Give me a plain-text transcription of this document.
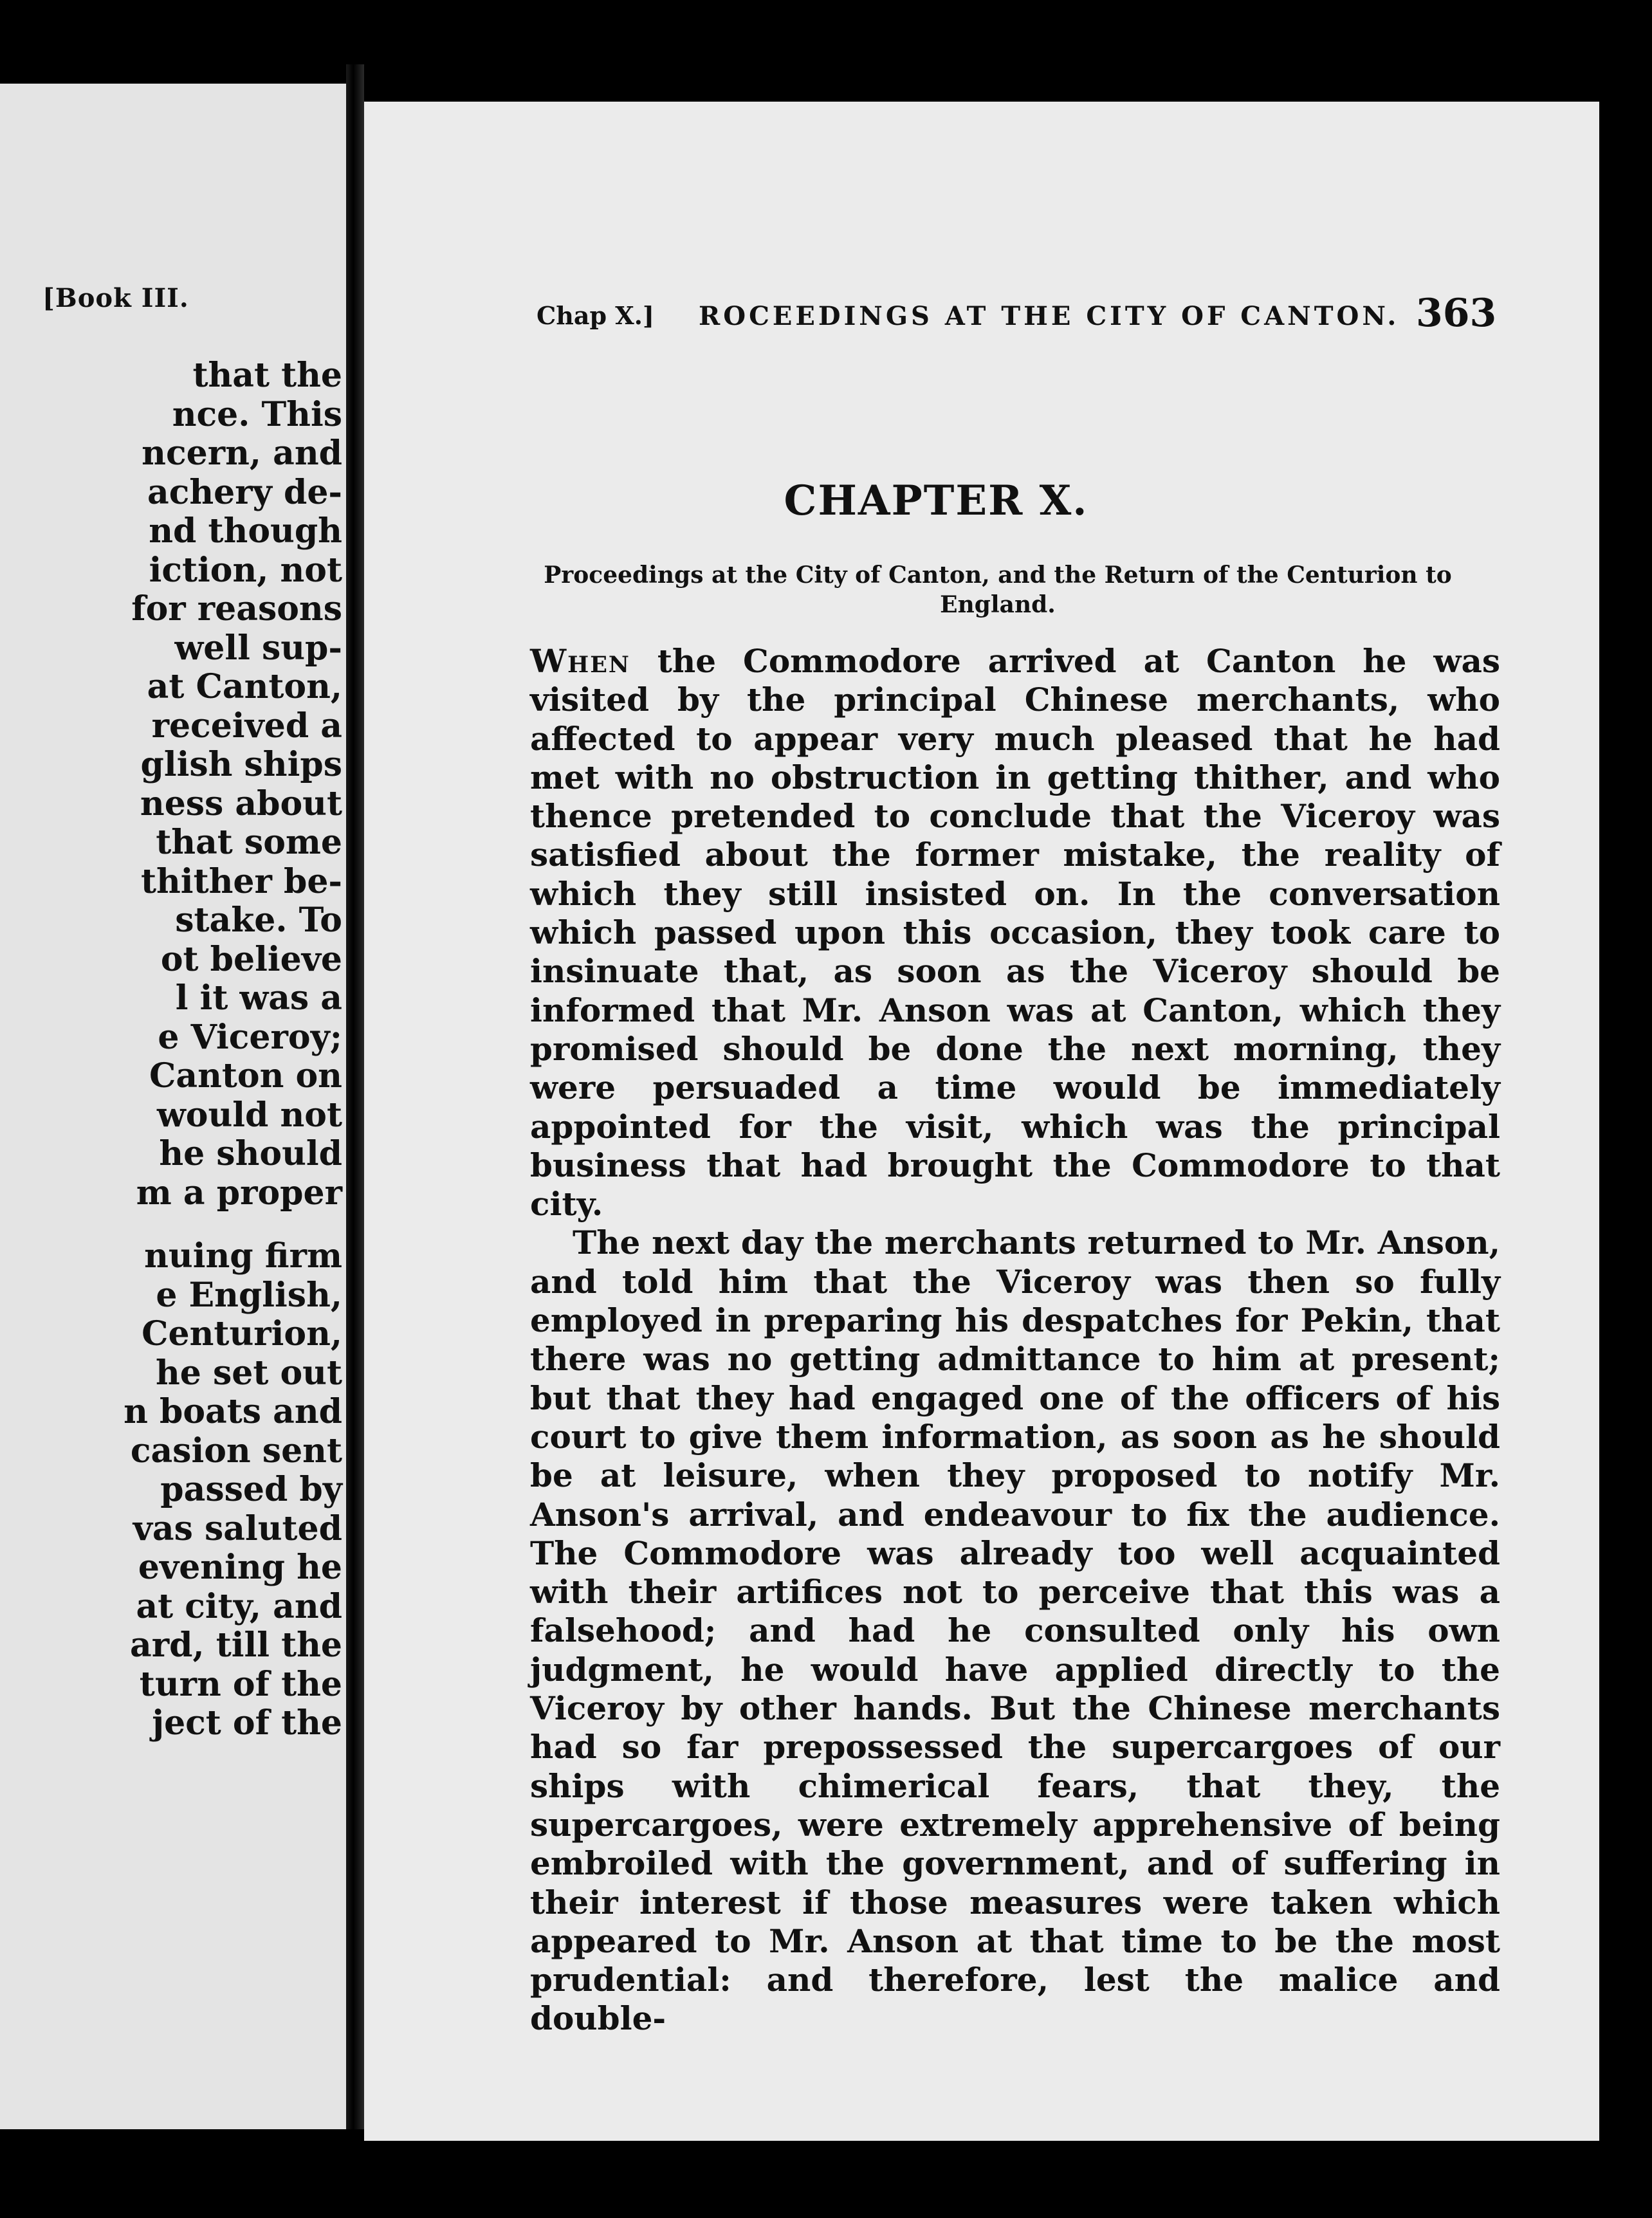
[Book III.
that the
nce. This
ncern, and
achery de-
nd though
iction, not
for reasons
well sup-
at Canton,
received a
glish ships
ness about
that some
thither be-
stake. To
ot believe
l it was a
e Viceroy;
Canton on
would not
he should
m a proper
nuing firm
e English,
Centurion,
he set out
n boats and
casion sent
passed by
vas saluted
evening he
at city, and
ard, till the
turn of the
ject of the
Chap X.] ROCEEDINGS AT THE CITY OF CANTON. 363
CHAPTER X.
Proceedings at the City of Canton, and the Return of the Centurion to England.

When the Commodore arrived at Canton he was visited by the principal Chinese merchants, who affected to appear very much pleased that he had met with no obstruction in getting thither, and who thence pretended to conclude that the Viceroy was satisfied about the former mistake, the reality of which they still insisted on. In the conversation which passed upon this occasion, they took care to insinuate that, as soon as the Viceroy should be informed that Mr. Anson was at Canton, which they promised should be done the next morning, they were persuaded a time would be immediately appointed for the visit, which was the principal business that had brought the Commodore to that city.

The next day the merchants returned to Mr. Anson, and told him that the Viceroy was then so fully employed in preparing his despatches for Pekin, that there was no getting admittance to him at present; but that they had engaged one of the officers of his court to give them information, as soon as he should be at leisure, when they proposed to notify Mr. Anson's arrival, and endeavour to fix the audience. The Commodore was already too well acquainted with their artifices not to perceive that this was a falsehood; and had he consulted only his own judgment, he would have applied directly to the Viceroy by other hands. But the Chinese merchants had so far prepossessed the supercargoes of our ships with chimerical fears, that they, the supercargoes, were extremely apprehensive of being embroiled with the government, and of suffering in their interest if those measures were taken which appeared to Mr. Anson at that time to be the most prudential: and therefore, lest the malice and double-
